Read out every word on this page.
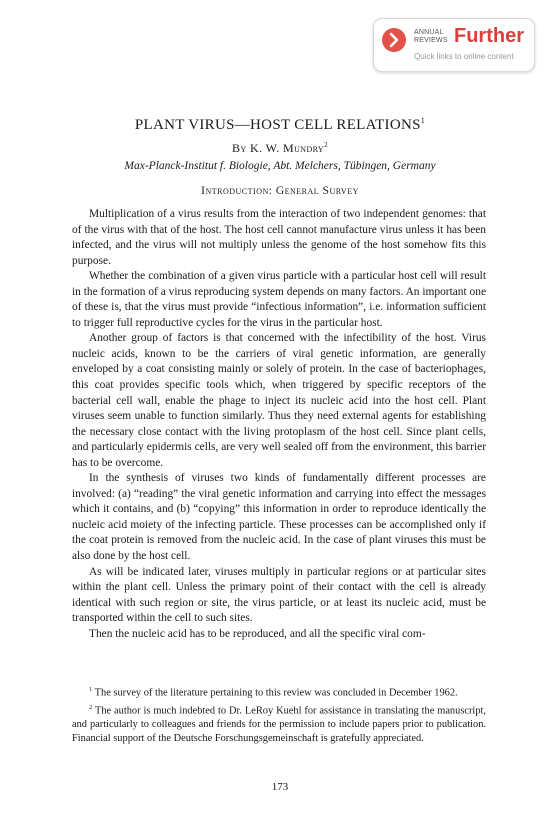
ANNUAL
REVIEWS Further
Quick links to online content
PLANT VIRUS—HOST CELL RELATIONS$^1$
By K. W. Mundry$^2$
Max-Planck-Institut f. Biologie, Abt. Melchers, Tübingen, Germany
Introduction: General Survey

Multiplication of a virus results from the interaction of two independent genomes: that of the virus with that of the host. The host cell cannot manufacture virus unless it has been infected, and the virus will not multiply unless the genome of the host somehow fits this purpose.

Whether the combination of a given virus particle with a particular host cell will result in the formation of a virus reproducing system depends on many factors. An important one of these is, that the virus must provide “infectious information”, i.e. information sufficient to trigger full reproductive cycles for the virus in the particular host.

Another group of factors is that concerned with the infectibility of the host. Virus nucleic acids, known to be the carriers of viral genetic information, are generally enveloped by a coat consisting mainly or solely of protein. In the case of bacteriophages, this coat provides specific tools which, when triggered by specific receptors of the bacterial cell wall, enable the phage to inject its nucleic acid into the host cell. Plant viruses seem unable to function similarly. Thus they need external agents for establishing the necessary close contact with the living protoplasm of the host cell. Since plant cells, and particularly epidermis cells, are very well sealed off from the environment, this barrier has to be overcome.

In the synthesis of viruses two kinds of fundamentally different processes are involved: (a) “reading” the viral genetic information and carrying into effect the messages which it contains, and (b) “copying” this information in order to reproduce identically the nucleic acid moiety of the infecting particle. These processes can be accomplished only if the coat protein is removed from the nucleic acid. In the case of plant viruses this must be also done by the host cell.

As will be indicated later, viruses multiply in particular regions or at particular sites within the plant cell. Unless the primary point of their contact with the cell is already identical with such region or site, the virus particle, or at least its nucleic acid, must be transported within the cell to such sites.

Then the nucleic acid has to be reproduced, and all the specific viral com-

$^1$ The survey of the literature pertaining to this review was concluded in December 1962.

$^2$ The author is much indebted to Dr. LeRoy Kuehl for assistance in translating the manuscript, and particularly to colleagues and friends for the permission to include papers prior to publication. Financial support of the Deutsche Forschungsgemeinschaft is gratefully appreciated.

173
